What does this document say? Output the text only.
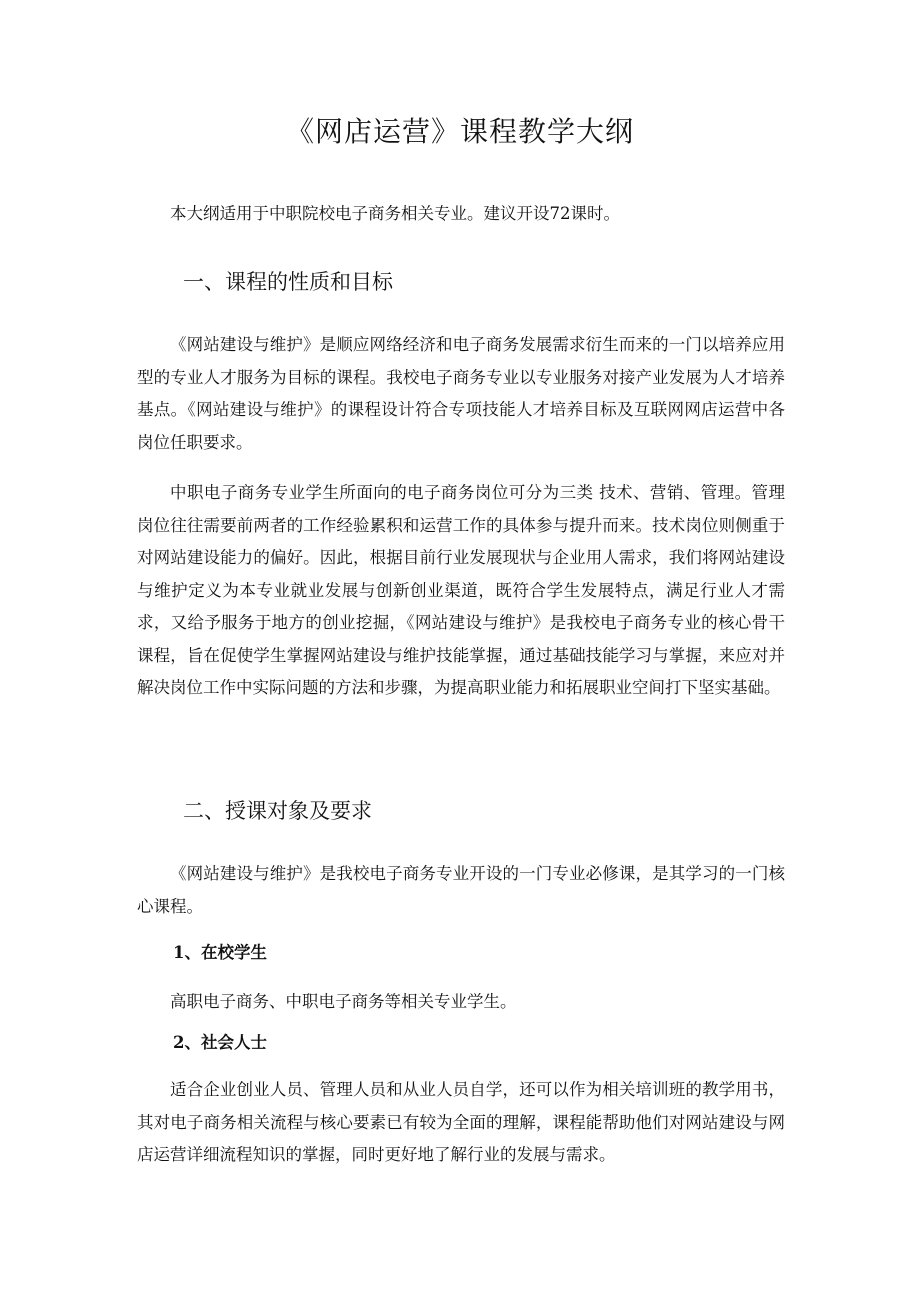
《网店运营》课程教学大纲

本大纲适用于中职院校电子商务相关专业。建议开设72课时。

一、课程的性质和目标

《网站建设与维护》是顺应网络经济和电子商务发展需求衍生而来的一门以培养应用型的专业人才服务为目标的课程。我校电子商务专业以专业服务对接产业发展为人才培养基点。《网站建设与维护》的课程设计符合专项技能人才培养目标及互联网网店运营中各岗位任职要求。

中职电子商务专业学生所面向的电子商务岗位可分为三类 技术、营销、管理。管理岗位往往需要前两者的工作经验累积和运营工作的具体参与提升而来。技术岗位则侧重于对网站建设能力的偏好。因此，根据目前行业发展现状与企业用人需求，我们将网站建设与维护定义为本专业就业发展与创新创业渠道，既符合学生发展特点，满足行业人才需求，又给予服务于地方的创业挖掘，《网站建设与维护》是我校电子商务专业的核心骨干课程，旨在促使学生掌握网站建设与维护技能掌握，通过基础技能学习与掌握，来应对并解决岗位工作中实际问题的方法和步骤，为提高职业能力和拓展职业空间打下坚实基础。

二、授课对象及要求

《网站建设与维护》是我校电子商务专业开设的一门专业必修课，是其学习的一门核心课程。

1、在校学生

高职电子商务、中职电子商务等相关专业学生。

2、社会人士

适合企业创业人员、管理人员和从业人员自学，还可以作为相关培训班的教学用书，其对电子商务相关流程与核心要素已有较为全面的理解，课程能帮助他们对网站建设与网店运营详细流程知识的掌握，同时更好地了解行业的发展与需求。
